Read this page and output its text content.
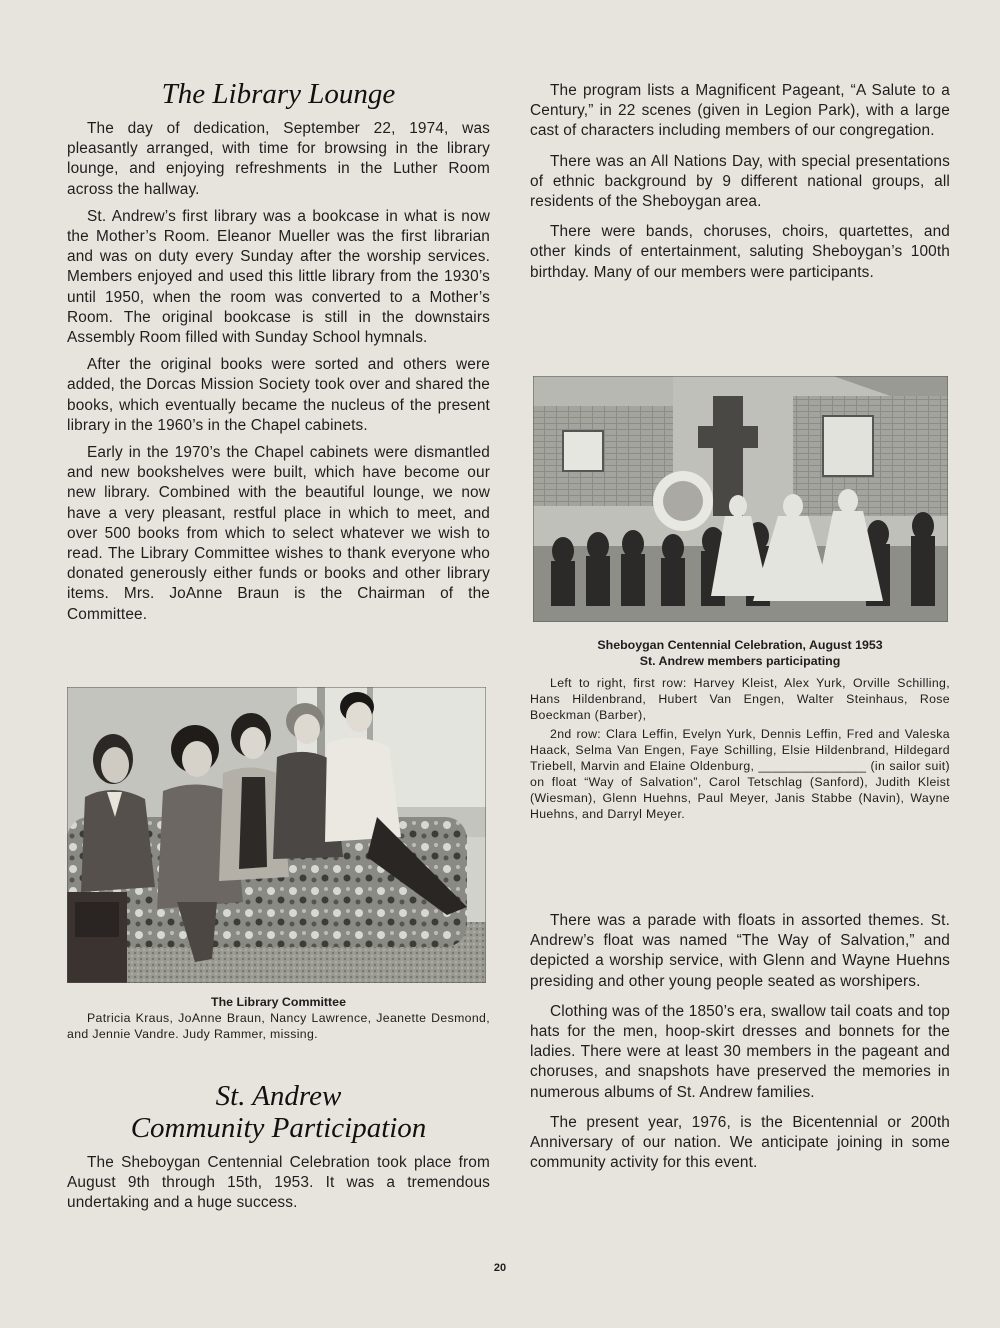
The Library Lounge

The day of dedication, September 22, 1974, was pleasantly arranged, with time for browsing in the library lounge, and enjoying refreshments in the Luther Room across the hallway.

St. Andrew’s first library was a bookcase in what is now the Mother’s Room. Eleanor Mueller was the first librarian and was on duty every Sunday after the worship services. Members enjoyed and used this little library from the 1930’s until 1950, when the room was converted to a Mother’s Room. The original bookcase is still in the downstairs Assembly Room filled with Sunday School hymnals.

After the original books were sorted and others were added, the Dorcas Mission Society took over and shared the books, which eventually became the nucleus of the present library in the 1960’s in the Chapel cabinets.

Early in the 1970’s the Chapel cabinets were dismantled and new bookshelves were built, which have become our new library. Combined with the beautiful lounge, we now have a very pleasant, restful place in which to meet, and over 500 books from which to select whatever we wish to read. The Library Committee wishes to thank everyone who donated generously either funds or books and other library items. Mrs. JoAnne Braun is the Chairman of the Committee.

The Library Committee

Patricia Kraus, JoAnne Braun, Nancy Lawrence, Jeanette Desmond, and Jennie Vandre. Judy Rammer, missing.

St. Andrew
Community Participation

The Sheboygan Centennial Celebration took place from August 9th through 15th, 1953. It was a tremendous undertaking and a huge success.

The program lists a Magnificent Pageant, “A Salute to a Century,” in 22 scenes (given in Legion Park), with a large cast of characters including members of our congregation.

There was an All Nations Day, with special presentations of ethnic background by 9 different national groups, all residents of the Sheboygan area.

There were bands, choruses, choirs, quartettes, and other kinds of entertainment, saluting Sheboygan’s 100th birthday. Many of our members were participants.

Sheboygan Centennial Celebration, August 1953

St. Andrew members participating

Left to right, first row: Harvey Kleist, Alex Yurk, Orville Schilling, Hans Hildenbrand, Hubert Van Engen, Walter Steinhaus, Rose Boeckman (Barber),

2nd row: Clara Leffin, Evelyn Yurk, Dennis Leffin, Fred and Valeska Haack, Selma Van Engen, Faye Schilling, Elsie Hildenbrand, Hildegard Triebell, Marvin and Elaine Oldenburg, _______________ (in sailor suit) on float “Way of Salvation”, Carol Tetschlag (Sanford), Judith Kleist (Wiesman), Glenn Huehns, Paul Meyer, Janis Stabbe (Navin), Wayne Huehns, and Darryl Meyer.

There was a parade with floats in assorted themes. St. Andrew’s float was named “The Way of Salvation,” and depicted a worship service, with Glenn and Wayne Huehns presiding and other young people seated as worshipers.

Clothing was of the 1850’s era, swallow tail coats and top hats for the men, hoop-skirt dresses and bonnets for the ladies. There were at least 30 members in the pageant and choruses, and snapshots have preserved the memories in numerous albums of St. Andrew families.

The present year, 1976, is the Bicentennial or 200th Anniversary of our nation. We anticipate joining in some community activity for this event.

20
